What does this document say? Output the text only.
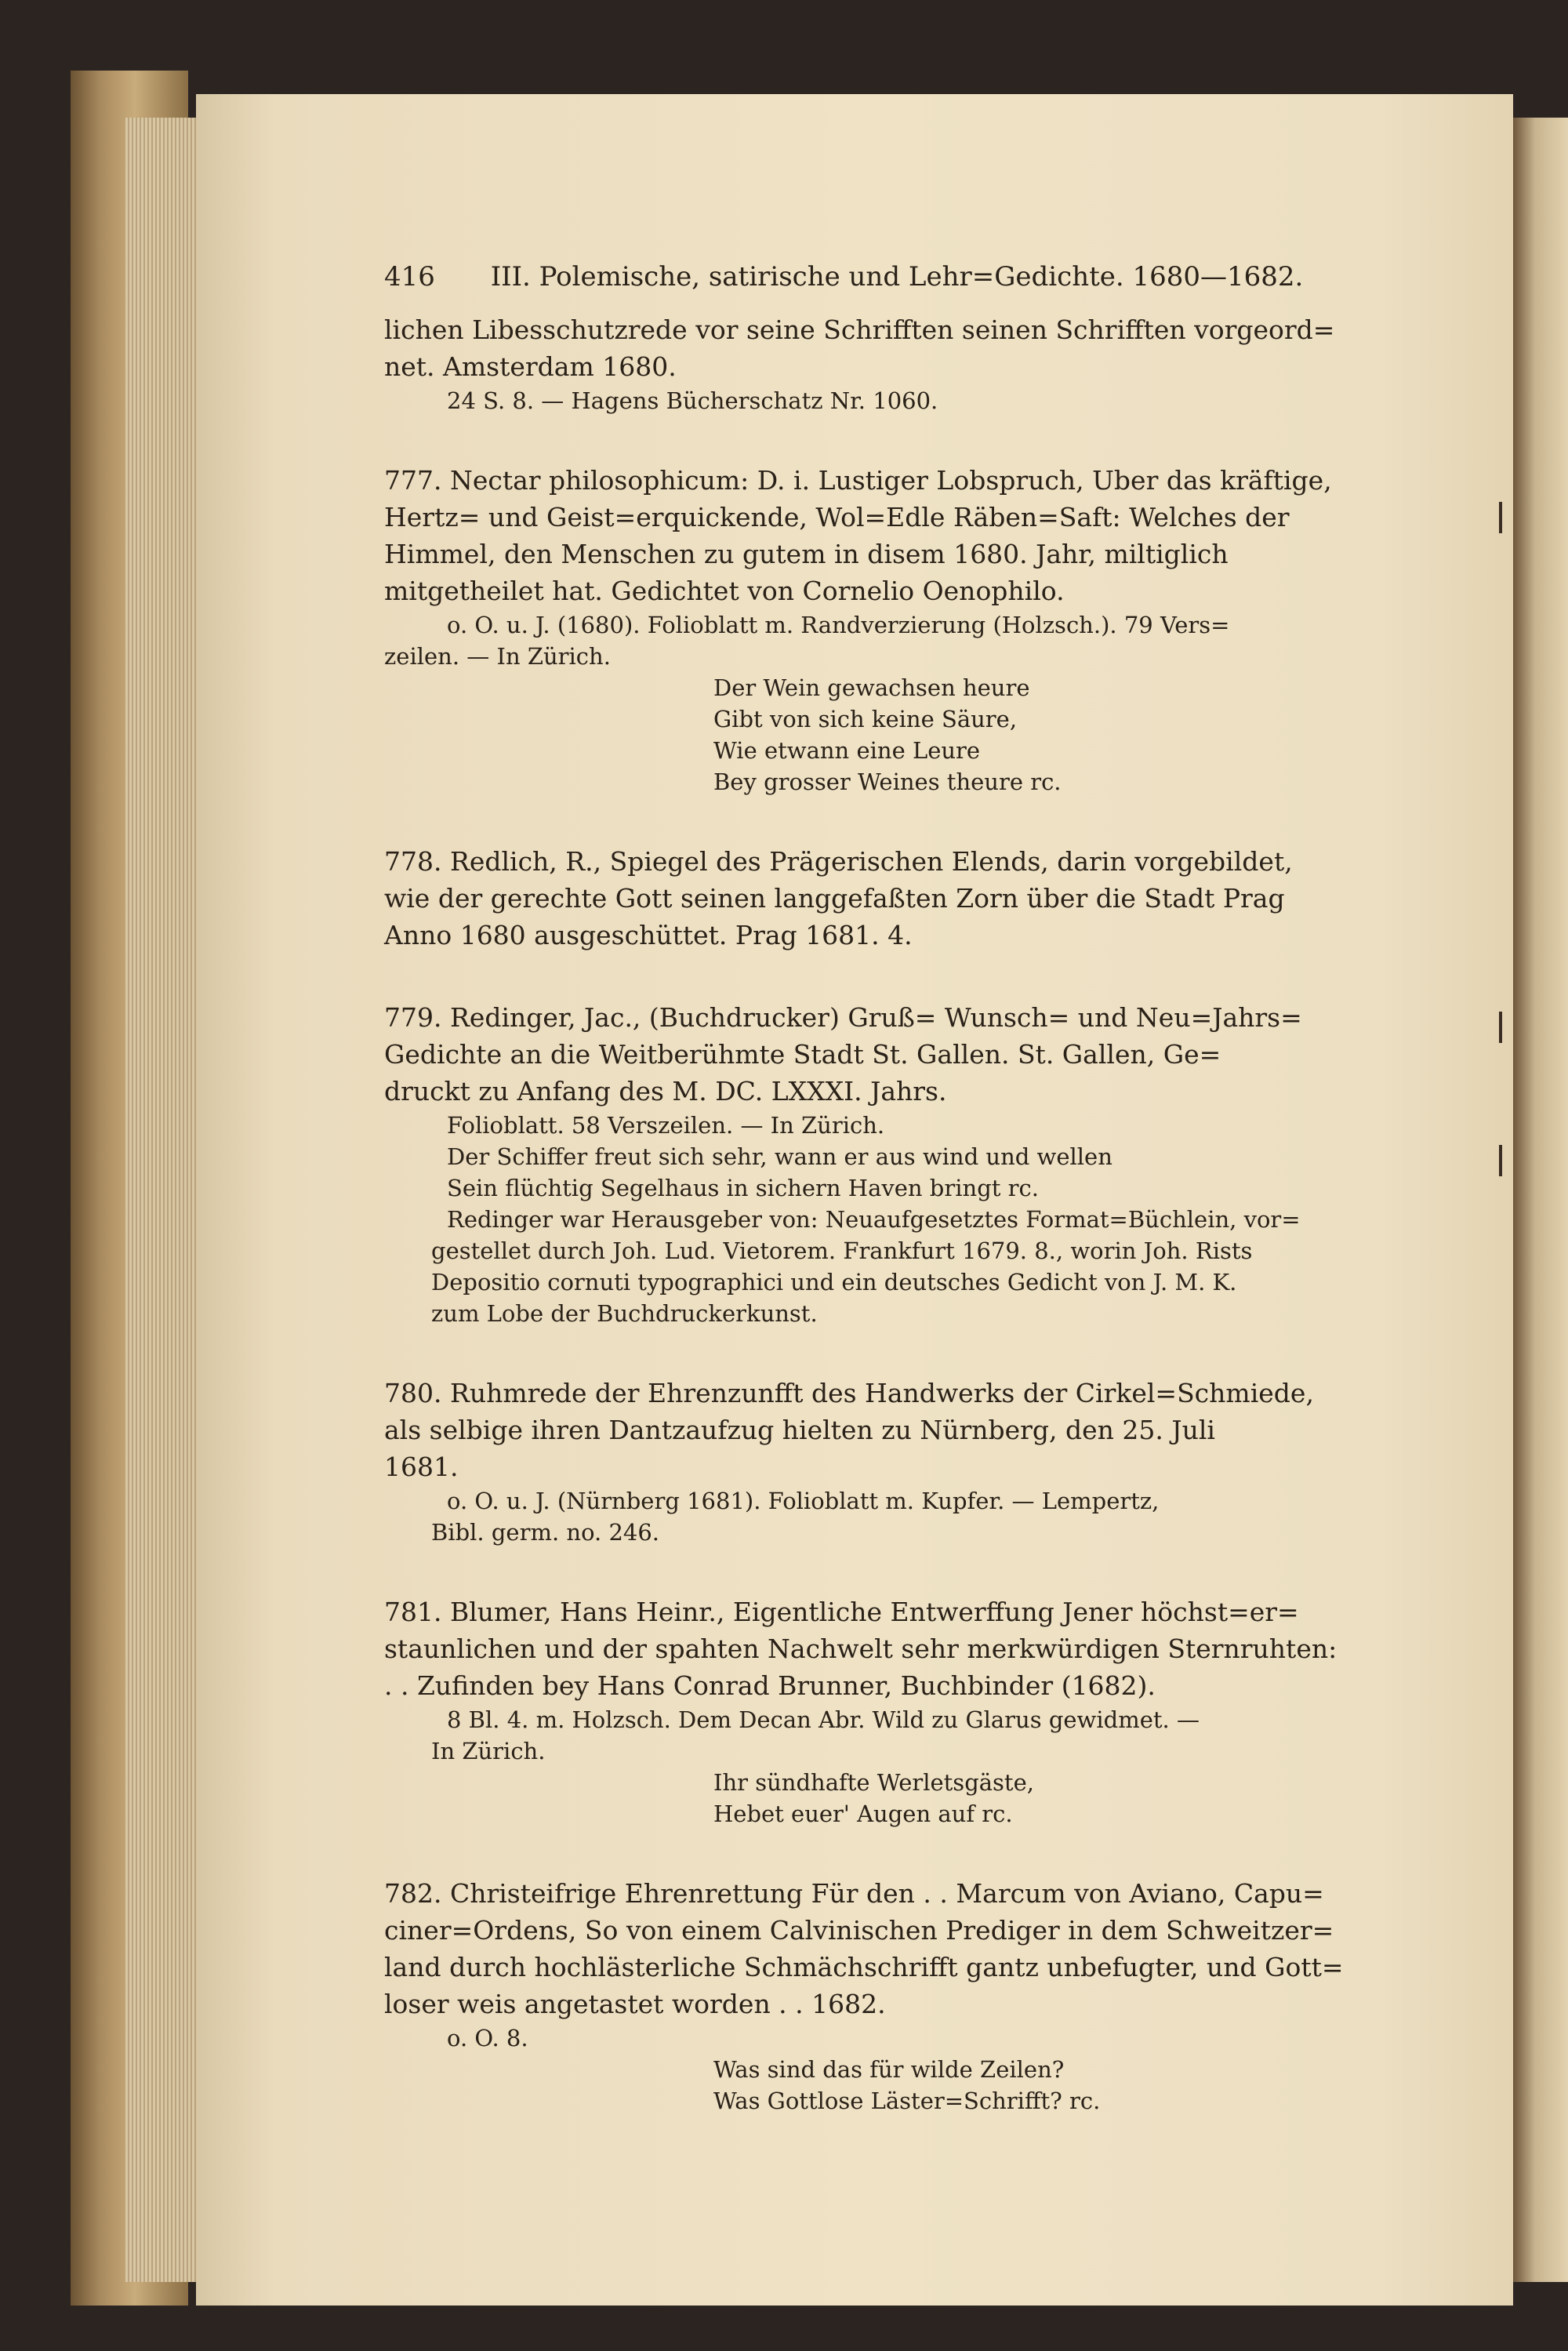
416 III. Polemische, satirische und Lehr=Gedichte. 1680—1682.
lichen Libesschutzrede vor seine Schrifften seinen Schrifften vorgeord=
net. Amsterdam 1680.
24 S. 8. — Hagens Bücherschatz Nr. 1060.
777. Nectar philosophicum: D. i. Lustiger Lobspruch, Uber das kräftige,
Hertz= und Geist=erquickende, Wol=Edle Räben=Saft: Welches der
Himmel, den Menschen zu gutem in disem 1680. Jahr, miltiglich
mitgetheilet hat. Gedichtet von Cornelio Oenophilo.
o. O. u. J. (1680). Folioblatt m. Randverzierung (Holzsch.). 79 Vers=
zeilen. — In Zürich.
Der Wein gewachsen heure
Gibt von sich keine Säure,
Wie etwann eine Leure
Bey grosser Weines theure rc.
778. Redlich, R., Spiegel des Prägerischen Elends, darin vorgebildet,
wie der gerechte Gott seinen langgefaßten Zorn über die Stadt Prag
Anno 1680 ausgeschüttet. Prag 1681. 4.
779. Redinger, Jac., (Buchdrucker) Gruß= Wunsch= und Neu=Jahrs=
Gedichte an die Weitberühmte Stadt St. Gallen. St. Gallen, Ge=
druckt zu Anfang des M. DC. LXXXI. Jahrs.
Folioblatt. 58 Verszeilen. — In Zürich.
Der Schiffer freut sich sehr, wann er aus wind und wellen
Sein flüchtig Segelhaus in sichern Haven bringt rc.
Redinger war Herausgeber von: Neuaufgesetztes Format=Büchlein, vor=
gestellet durch Joh. Lud. Vietorem. Frankfurt 1679. 8., worin Joh. Rists
Depositio cornuti typographici und ein deutsches Gedicht von J. M. K.
zum Lobe der Buchdruckerkunst.
780. Ruhmrede der Ehrenzunfft des Handwerks der Cirkel=Schmiede,
als selbige ihren Dantzaufzug hielten zu Nürnberg, den 25. Juli
1681.
o. O. u. J. (Nürnberg 1681). Folioblatt m. Kupfer. — Lempertz,
Bibl. germ. no. 246.
781. Blumer, Hans Heinr., Eigentliche Entwerffung Jener höchst=er=
staunlichen und der spahten Nachwelt sehr merkwürdigen Sternruhten:
. . Zufinden bey Hans Conrad Brunner, Buchbinder (1682).
8 Bl. 4. m. Holzsch. Dem Decan Abr. Wild zu Glarus gewidmet. —
In Zürich.
Ihr sündhafte Werletsgäste,
Hebet euer' Augen auf rc.
782. Christeifrige Ehrenrettung Für den . . Marcum von Aviano, Capu=
ciner=Ordens, So von einem Calvinischen Prediger in dem Schweitzer=
land durch hochlästerliche Schmächschrifft gantz unbefugter, und Gott=
loser weis angetastet worden . . 1682.
o. O. 8.
Was sind das für wilde Zeilen?
Was Gottlose Läster=Schrifft? rc.
